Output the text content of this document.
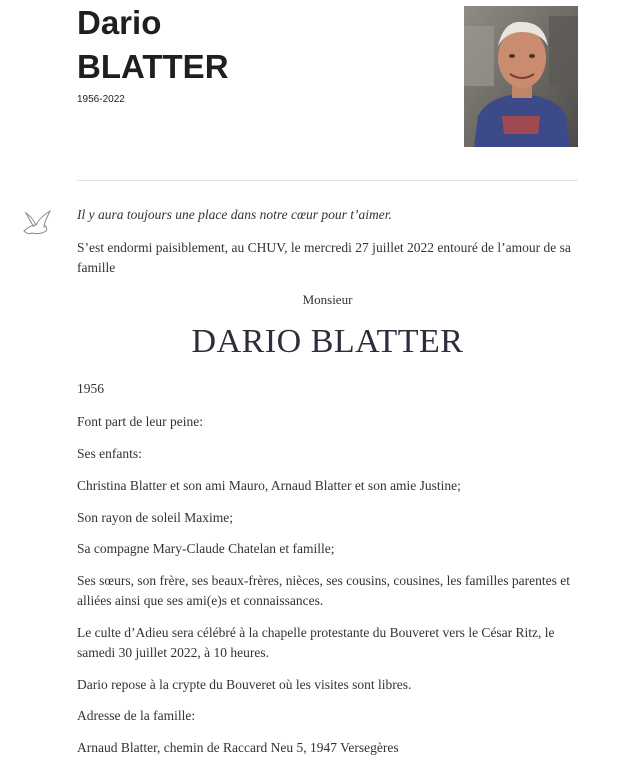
Dario
BLATTER
1956-2022
Il y aura toujours une place dans notre cœur pour t’aimer.
S’est endormi paisiblement, au CHUV, le mercredi 27 juillet 2022 entouré de l’amour de sa famille
Monsieur
DARIO BLATTER
1956
Font part de leur peine:
Ses enfants:
Christina Blatter et son ami Mauro, Arnaud Blatter et son amie Justine;
Son rayon de soleil Maxime;
Sa compagne Mary-Claude Chatelan et famille;
Ses sœurs, son frère, ses beaux-frères, nièces, ses cousins, cousines, les familles parentes et alliées ainsi que ses ami(e)s et connaissances.
Le culte d’Adieu sera célébré à la chapelle protestante du Bouveret vers le César Ritz, le samedi 30 juillet 2022, à 10 heures.
Dario repose à la crypte du Bouveret où les visites sont libres.
Adresse de la famille:
Arnaud Blatter, chemin de Raccard Neu 5, 1947 Versegères
